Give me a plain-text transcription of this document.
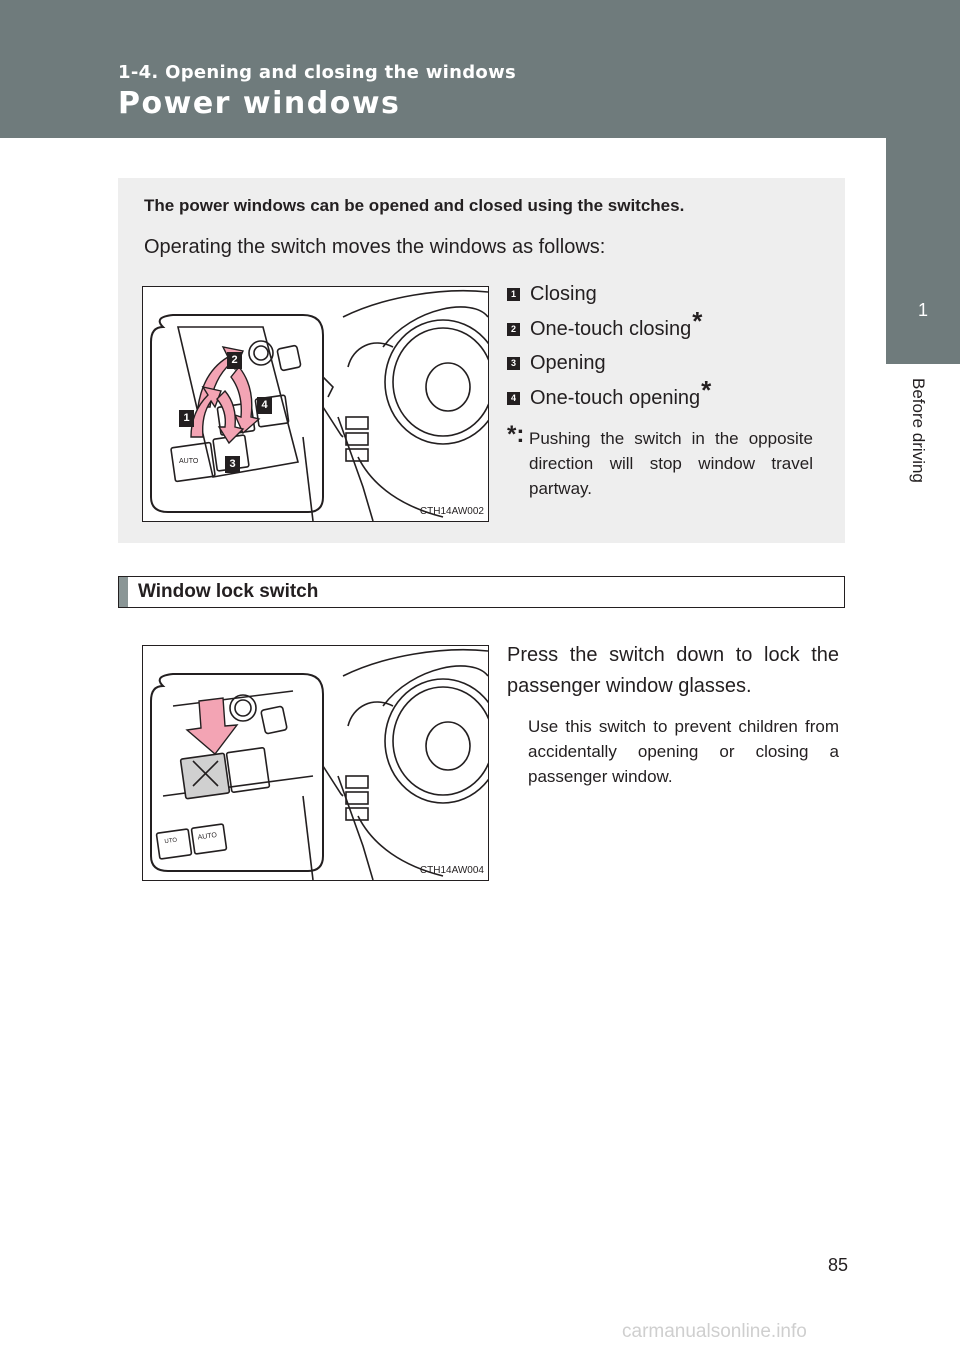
1-4. Opening and closing the windows
Power windows
1
Before driving
The power windows can be opened and closed using the switches.
Operating the switch moves the windows as follows:
AUTO
2
1
4
3
CTH14AW002
1 Closing
2 One-touch closing *
3 Opening
4 One-touch opening *
*: Pushing the switch in the opposite direction will stop window travel partway.
Window lock switch
UTO	AUTO
CTH14AW004
Press the switch down to lock the passenger window glasses.
Use this switch to prevent children from accidentally opening or closing a passenger window.
85
carmanualsonline.info
